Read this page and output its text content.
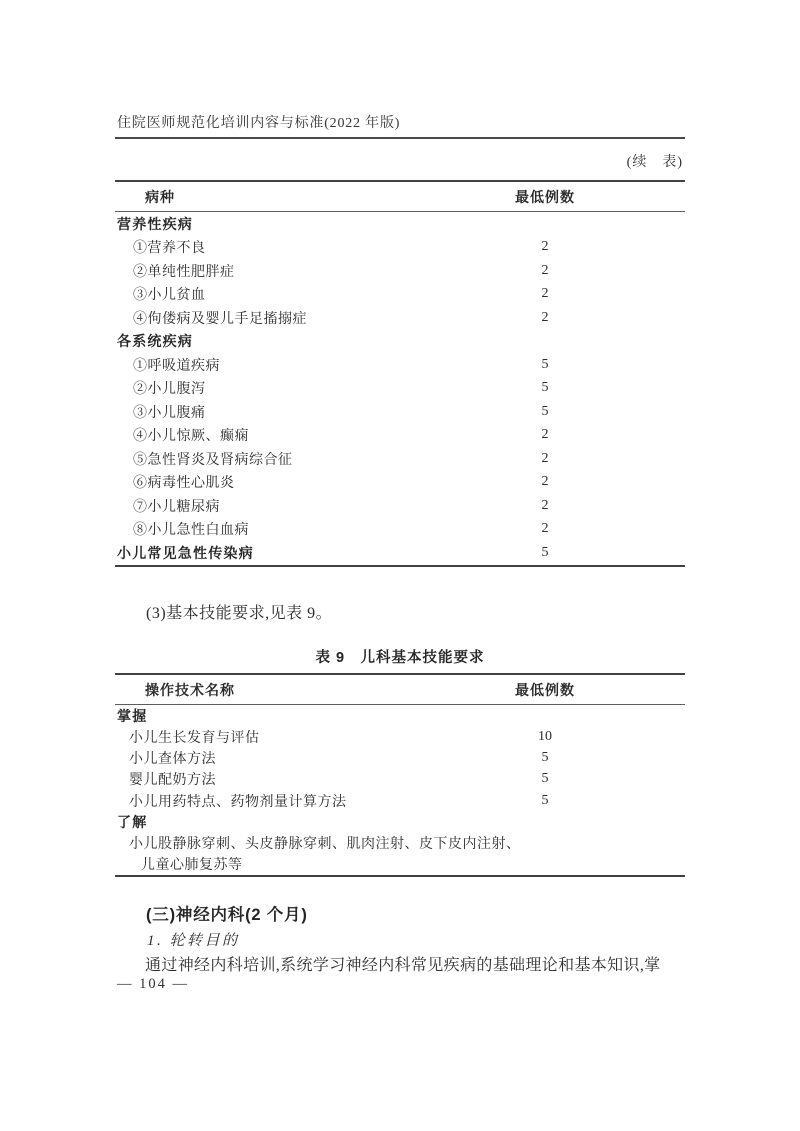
住院医师规范化培训内容与标准(2022 年版)
(续　表)
病种	最低例数
营养性疾病
①营养不良	2
②单纯性肥胖症	2
③小儿贫血	2
④佝偻病及婴儿手足搐搦症	2
各系统疾病
①呼吸道疾病	5
②小儿腹泻	5
③小儿腹痛	5
④小儿惊厥、癫痫	2
⑤急性肾炎及肾病综合征	2
⑥病毒性心肌炎	2
⑦小儿糖尿病	2
⑧小儿急性白血病	2
小儿常见急性传染病	5
(3)基本技能要求,见表 9。
表 9　儿科基本技能要求
操作技术名称	最低例数
掌握
小儿生长发育与评估	10
小儿查体方法	5
婴儿配奶方法	5
小儿用药特点、药物剂量计算方法	5
了解
小儿股静脉穿刺、头皮静脉穿刺、肌肉注射、皮下皮内注射、
儿童心肺复苏等
(三)神经内科(2 个月)
1. 轮转目的
通过神经内科培训,系统学习神经内科常见疾病的基础理论和基本知识,掌
— 104 —
